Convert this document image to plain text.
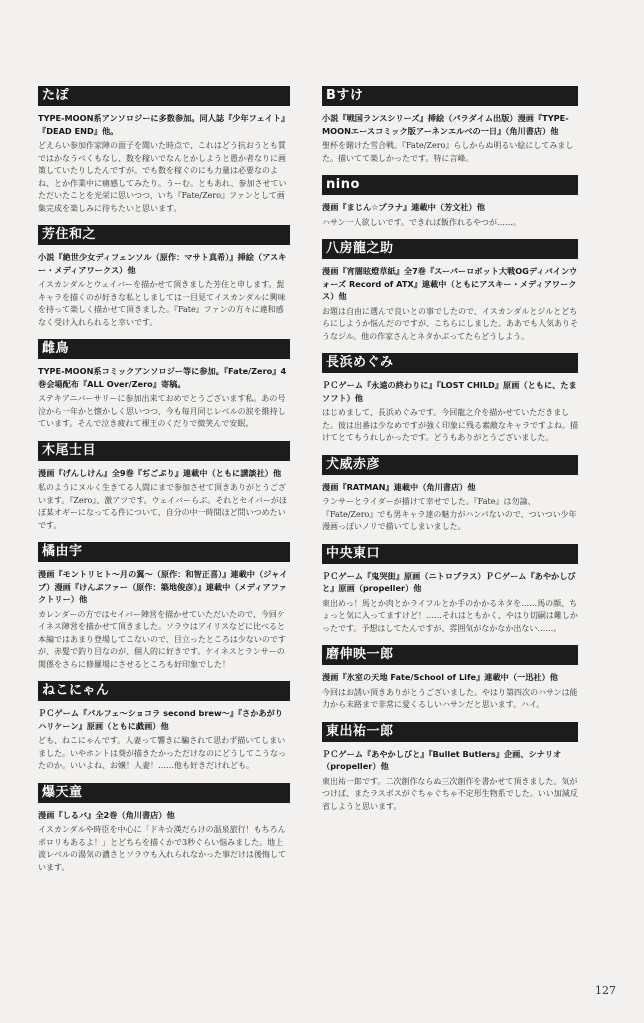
たぽ
TYPE-MOON系アンソロジーに多数参加。同人誌『少年フェイト』『DEAD END』他。
どえらい参加作家陣の面子を聞いた時点で、これはどう抗おうとも質ではかなうべくもなし、数を稼いでなんとかしようと愚か者なりに画策していたりしたんですが。でも数を稼ぐのにも力量は必要なのよね、とか作業中に痛感してみたり。うーむ。ともあれ、参加させていただいたことを光栄に思いつつ、いち『Fate/Zero』ファンとして画集完成を楽しみに待ちたいと思います。
芳住和之
小説『絶世少女ディフェンソル（原作：マサト真希）』挿絵（アスキー・メディアワークス）他
イスカンダルとウェイバーを描かせて頂きました芳住と申します。髭キャラを描くのが好きな私としましては一目見てイスカンダルに興味を持って楽しく描かせて頂きました。『Fate』ファンの方々に違和感なく受け入れられると幸いです。
雌鳥
TYPE-MOON系コミックアンソロジー等に参加。『Fate/Zero』4巻会場配布『ALL Over/Zero』寄稿。
ステキアニバーサリーに参加出来ておめでとうございます私。あの号泣から一年かと懐かしく思いつつ、今も毎月同じレベルの涙を維持しています。そんで泣き疲れて裸王のくだりで微笑んで安眠。
木尾士目
漫画『げんしけん』全9巻『ぢごぷり』連載中（ともに講談社）他
私のようにヌルく生きてる人間にまで参加させて頂きありがとうございます。『Zero』、激アツです。ウェイバーらぶ。それとセイバーがほぼ某オギーになってる件について、自分の中一時間ほど問いつめたいです。
橘由宇
漫画『モントリヒト～月の翼～（原作：和智正喜）』連載中（ジャイブ）漫画『けんぷファー（原作：築地俊彦）』連載中（メディアファクトリー）他
カレンダーの方ではセイバー陣営を描かせていただいたので、今回ケイネス陣営を描かせて頂きました。ソラウはアイリスなどに比べると本編ではあまり登場してこないので、目立ったところは少ないのですが、赤髪で釣り目なのが、個人的に好きです。ケイネスとランサーの関係をさらに修羅場にさせるところも好印象でした！
ねこにゃん
ＰＣゲーム『パルフェ～ショコラ second brew～』『さかあがりハリケーン』原画（ともに戯画）他
ども、ねこにゃんです。人妻って響きに騙されて思わず描いてしまいました。いやホントは葵が描きたかっただけなのにどうしてこうなったのか。いいよね、お嬢！人妻！……他も好きだけれども。
爆天童
漫画『しるバ』全2巻（角川書店）他
イスカンダルや時臣を中心に「ドキ☆漢だらけの温泉旅行！もちろんポロリもあるよ！」とどちらを描くかで3秒ぐらい悩みました。地上波レベルの湯気の濃さとソラウも入れられなかった事だけは後悔しています。
Bすけ
小説『戦国ランスシリーズ』挿絵（パラダイム出版）漫画『TYPE-MOONエースコミック版アーネンエルベの一日』（角川書店）他
聖杯を賭けた雪合戦。『Fate/Zero』らしからぬ明るい絵にしてみました。描いてて楽しかったです。特に言峰。
nino
漫画『まじん☆プラナ』連載中（芳文社）他
ハサン一人欲しいです。できれば飯作れるやつが……。
八房龍之助
漫画『宵闇眩燈草紙』全7巻『スーパーロボット大戦OGディバインウォーズ Record of ATX』連載中（ともにアスキー・メディアワークス）他
お題は自由に選んで良いとの事でしたので、イスカンダルとジルとどちらにしようか悩んだのですが、こちらにしました。ああでも人気ありそうなジル。他の作家さんとネタかぶってたらどうしよう。
長浜めぐみ
ＰＣゲーム『永遠の終わりに』『LOST CHILD』原画（ともに、たまソフト）他
はじめまして、長浜めぐみです。今回龍之介を描かせていただきました。彼は出番は少なめですが強く印象に残る素敵なキャラですよね。描けてとてもうれしかったです。どうもありがとうございました。
犬威赤彦
漫画『RATMAN』連載中（角川書店）他
ランサーとライダーが描けて幸せでした。『Fate』は勿論、『Fate/Zero』でも男キャラ達の魅力がハンパないので、ついつい少年漫画っぽいノリで描いてしまいました。
中央東口
ＰＣゲーム『鬼哭街』原画（ニトロプラス）ＰＣゲーム『あやかしびと』原画（propeller）他
東出めっ！馬とか肉とかライフルとか手のかかるネタを……馬の顔、ちょっと気に入ってますけど！……それはともかく、やはり切嗣は難しかったです。予想はしてたんですが、雰囲気がなかなか出ない……。
磨伸映一郎
漫画『氷室の天地 Fate/School of Life』連載中（一迅社）他
今回はお誘い頂きありがとうございました。やはり第四次のハサンは能力から末路まで非常に愛くるしいハサンだと思います。ハイ。
東出祐一郎
ＰＣゲーム『あやかしびと』『Bullet Butlers』企画、シナリオ（propeller）他
東出祐一郎です。二次創作ならぬ三次創作を書かせて頂きました。気がつけば、またラスボスがぐちゃぐちゃ不定形生物系でした。いい加減反省しようと思います。
127
